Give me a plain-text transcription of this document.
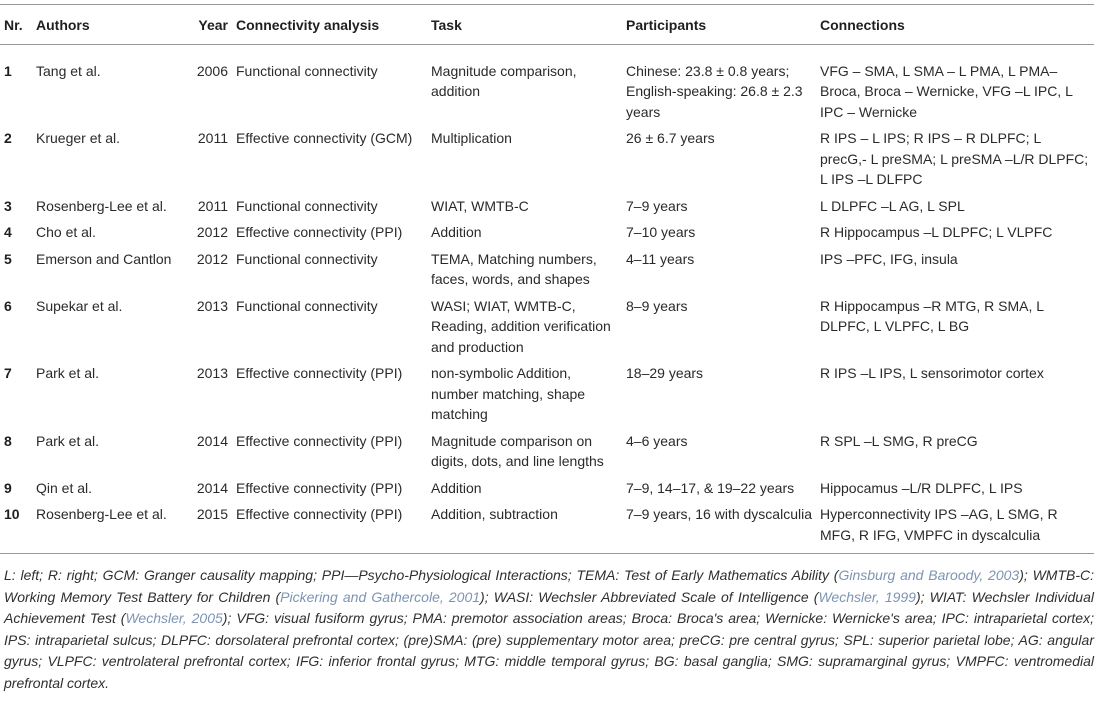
Nr.	Authors	Year	Connectivity analysis	Task	Participants	Connections
1	Tang et al.	2006	Functional connectivity	Magnitude comparison, addition	Chinese: 23.8 ± 0.8 years; English-speaking: 26.8 ± 2.3 years	VFG – SMA, L SMA – L PMA, L PMA– Broca, Broca – Wernicke, VFG –L IPC, L IPC – Wernicke
2	Krueger et al.	2011	Effective connectivity (GCM)	Multiplication	26 ± 6.7 years	R IPS – L IPS; R IPS – R DLPFC; L precG,- L preSMA; L preSMA –L/R DLPFC; L IPS –L DLFPC
3	Rosenberg-Lee et al.	2011	Functional connectivity	WIAT, WMTB-C	7–9 years	L DLPFC –L AG, L SPL
4	Cho et al.	2012	Effective connectivity (PPI)	Addition	7–10 years	R Hippocampus –L DLPFC; L VLPFC
5	Emerson and Cantlon	2012	Functional connectivity	TEMA, Matching numbers, faces, words, and shapes	4–11 years	IPS –PFC, IFG, insula
6	Supekar et al.	2013	Functional connectivity	WASI; WIAT, WMTB-C, Reading, addition verification and production	8–9 years	R Hippocampus –R MTG, R SMA, L DLPFC, L VLPFC, L BG
7	Park et al.	2013	Effective connectivity (PPI)	non-symbolic Addition, number matching, shape matching	18–29 years	R IPS –L IPS, L sensorimotor cortex
8	Park et al.	2014	Effective connectivity (PPI)	Magnitude comparison on digits, dots, and line lengths	4–6 years	R SPL –L SMG, R preCG
9	Qin et al.	2014	Effective connectivity (PPI)	Addition	7–9, 14–17, & 19–22 years	Hippocamus –L/R DLPFC, L IPS
10	Rosenberg-Lee et al.	2015	Effective connectivity (PPI)	Addition, subtraction	7–9 years, 16 with dyscalculia	Hyperconnectivity IPS –AG, L SMG, R MFG, R IFG, VMPFC in dyscalculia
L: left; R: right; GCM: Granger causality mapping; PPI—Psycho-Physiological Interactions; TEMA: Test of Early Mathematics Ability (Ginsburg and Baroody, 2003); WMTB-C: Working Memory Test Battery for Children (Pickering and Gathercole, 2001); WASI: Wechsler Abbreviated Scale of Intelligence (Wechsler, 1999); WIAT: Wechsler Individual Achievement Test (Wechsler, 2005); VFG: visual fusiform gyrus; PMA: premotor association areas; Broca: Broca's area; Wernicke: Wernicke's area; IPC: intraparietal cortex; IPS: intraparietal sulcus; DLPFC: dorsolateral prefrontal cortex; (pre)SMA: (pre) supplementary motor area; preCG: pre central gyrus; SPL: superior parietal lobe; AG: angular gyrus; VLPFC: ventrolateral prefrontal cortex; IFG: inferior frontal gyrus; MTG: middle temporal gyrus; BG: basal ganglia; SMG: supramarginal gyrus; VMPFC: ventromedial prefrontal cortex.
